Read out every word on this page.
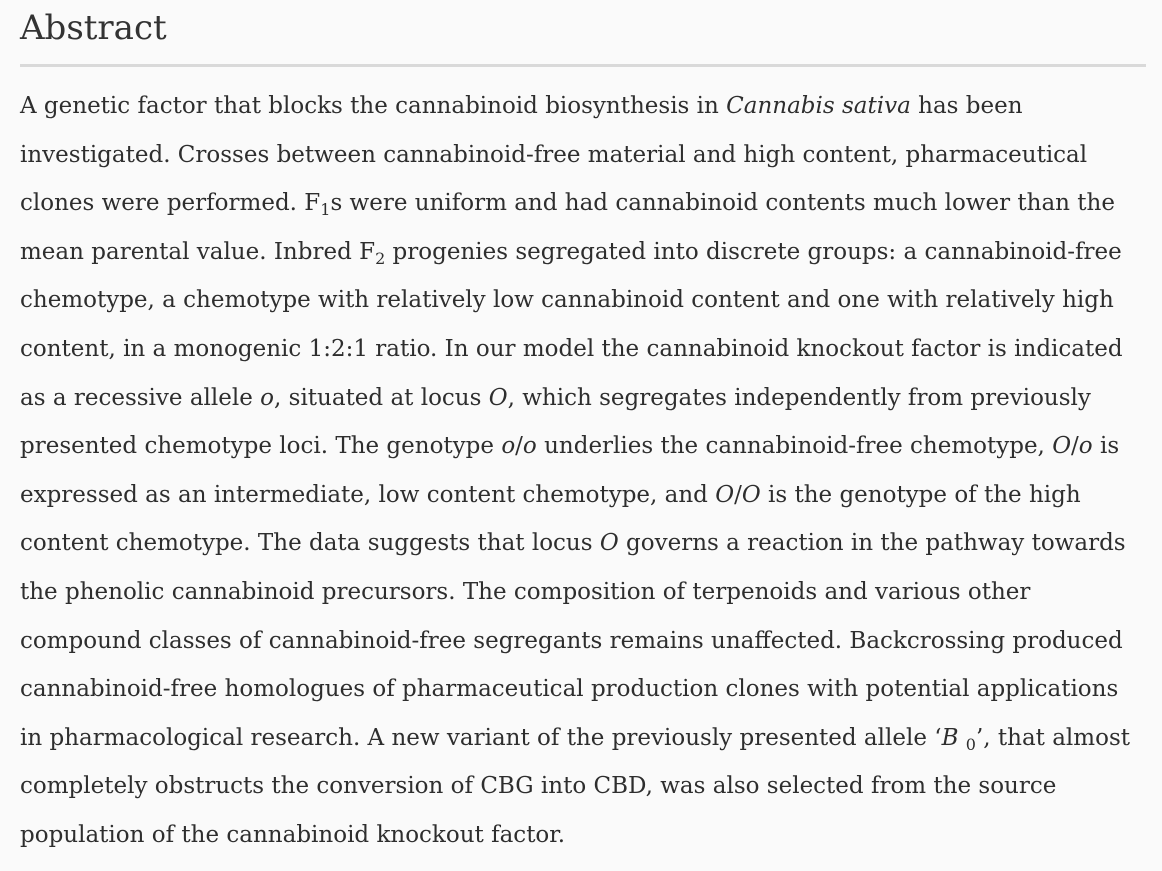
Abstract

A genetic factor that blocks the cannabinoid biosynthesis in Cannabis sativa has been investigated. Crosses between cannabinoid-free material and high content, pharmaceutical clones were performed. $F_1s$ were uniform and had cannabinoid contents much lower than the mean parental value. Inbred $F_2$ progenies segregated into discrete groups: a cannabinoid-free chemotype, a chemotype with relatively low cannabinoid content and one with relatively high content, in a monogenic 1:2:1 ratio. In our model the cannabinoid knockout factor is indicated as a recessive allele o, situated at locus O, which segregates independently from previously presented chemotype loci. The genotype o/o underlies the cannabinoid-free chemotype, O/o is expressed as an intermediate, low content chemotype, and O/O is the genotype of the high content chemotype. The data suggests that locus O governs a reaction in the pathway towards the phenolic cannabinoid precursors. The composition of terpenoids and various other compound classes of cannabinoid-free segregants remains unaffected. Backcrossing produced cannabinoid-free homologues of pharmaceutical production clones with potential applications in pharmacological research. A new variant of the previously presented allele ‘B $_0$’, that almost completely obstructs the conversion of CBG into CBD, was also selected from the source population of the cannabinoid knockout factor.
